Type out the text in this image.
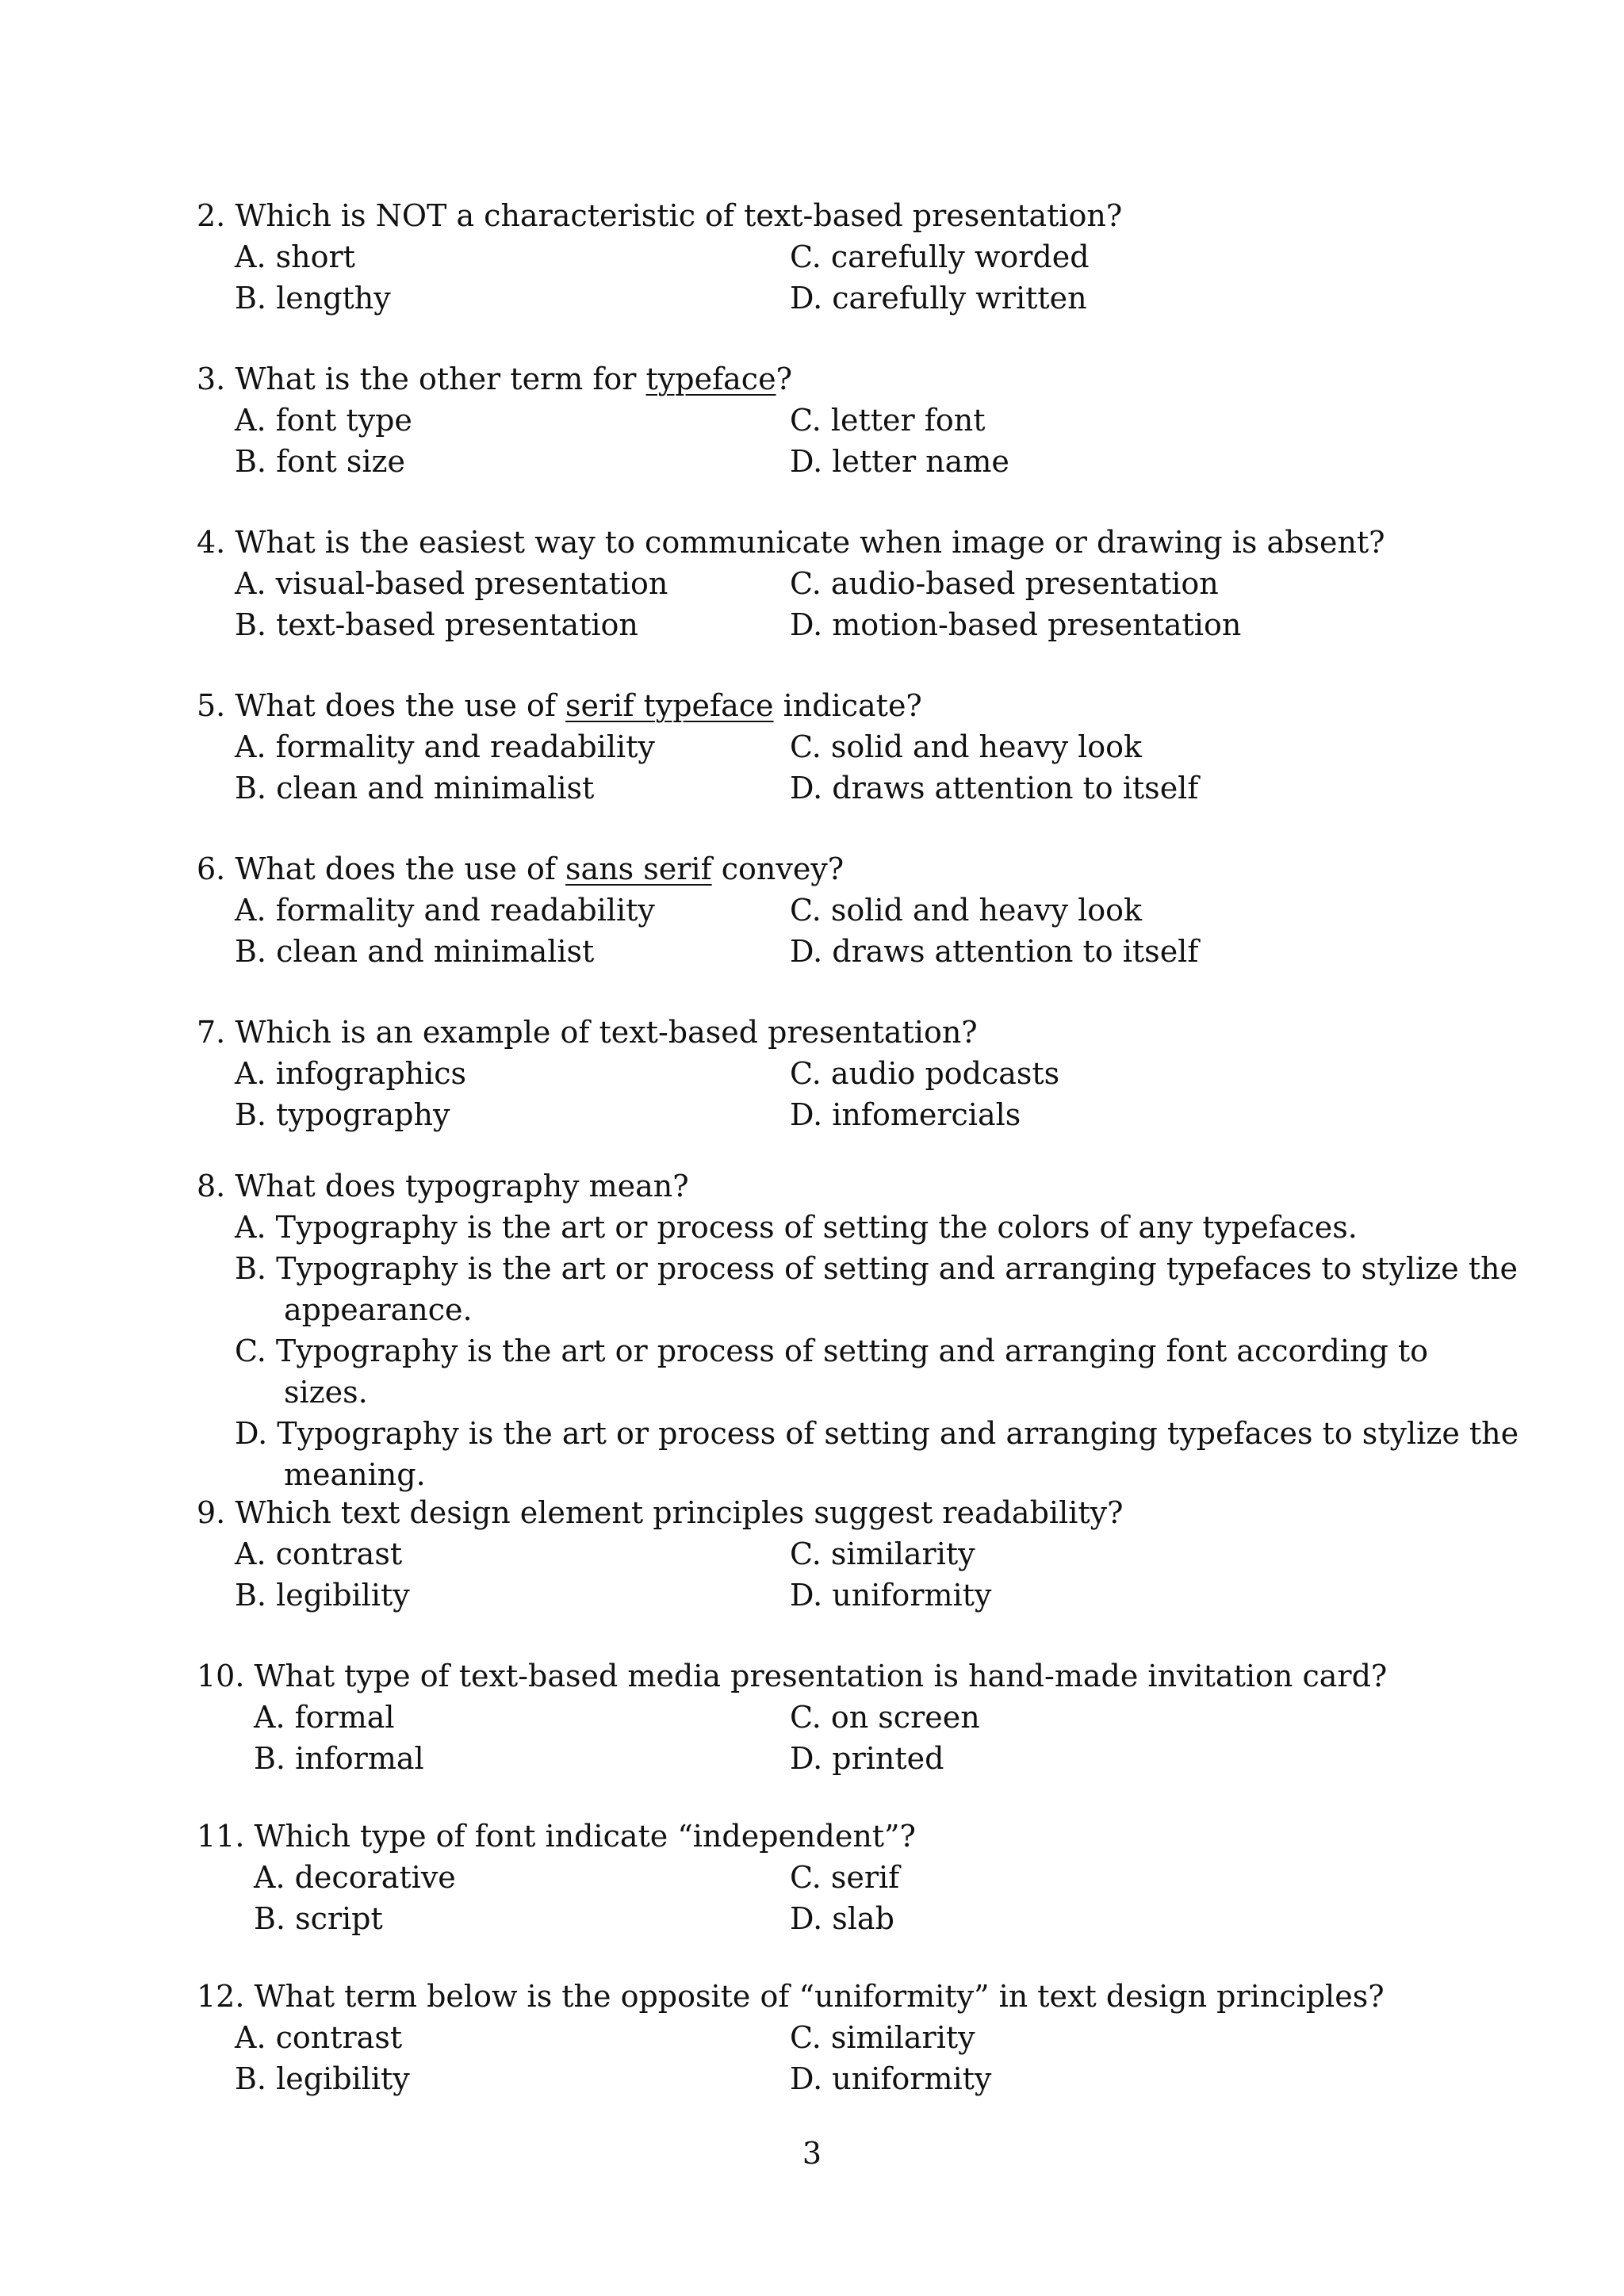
2. Which is NOT a characteristic of text-based presentation?
A. short	C. carefully worded
B. lengthy	D. carefully written
3. What is the other term for typeface?
A. font type	C. letter font
B. font size	D. letter name
4. What is the easiest way to communicate when image or drawing is absent?
A. visual-based presentation	C. audio-based presentation
B. text-based presentation	D. motion-based presentation
5. What does the use of serif typeface indicate?
A. formality and readability	C. solid and heavy look
B. clean and minimalist	D. draws attention to itself
6. What does the use of sans serif convey?
A. formality and readability	C. solid and heavy look
B. clean and minimalist	D. draws attention to itself
7. Which is an example of text-based presentation?
A. infographics	C. audio podcasts
B. typography	D. infomercials
8. What does typography mean?
A. Typography is the art or process of setting the colors of any typefaces.
B. Typography is the art or process of setting and arranging typefaces to stylize the appearance.
C. Typography is the art or process of setting and arranging font according to sizes.
D. Typography is the art or process of setting and arranging typefaces to stylize the meaning.
9. Which text design element principles suggest readability?
A. contrast	C. similarity
B. legibility	D. uniformity
10. What type of text-based media presentation is hand-made invitation card?
A. formal	C. on screen
B. informal	D. printed
11. Which type of font indicate “independent”?
A. decorative	C. serif
B. script	D. slab
12. What term below is the opposite of “uniformity” in text design principles?
A. contrast	C. similarity
B. legibility	D. uniformity
3
